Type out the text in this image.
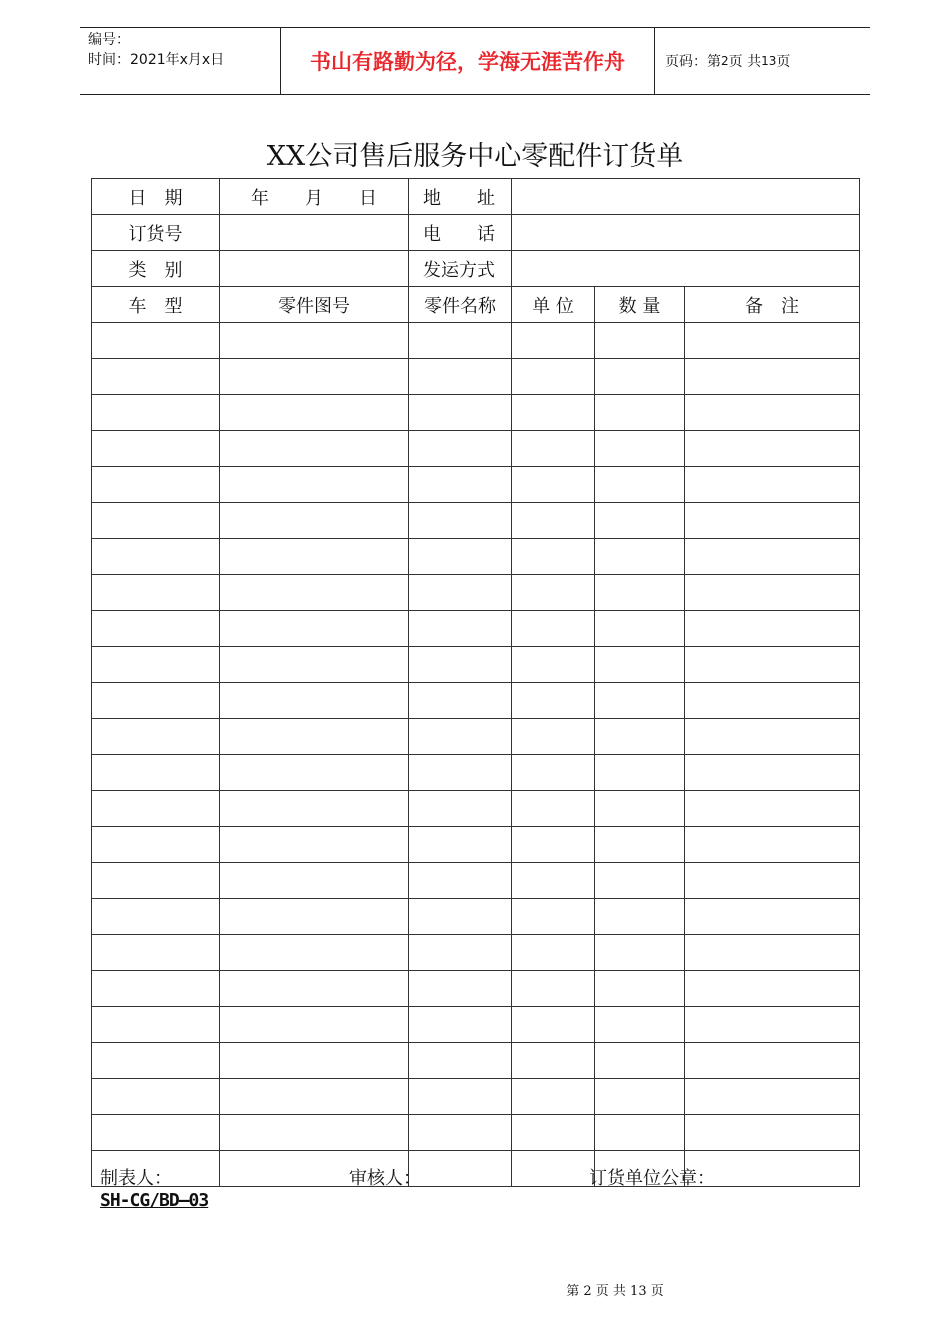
编号：
时间：2021年x月x日	书山有路勤为径，学海无涯苦作舟	页码：第 2 页 共 13 页
XX公司售后服务中心零配件订货单
日　期	年　　月　　日	地　　址			
订货号		电　　话			
类　别		发运方式			
车　型	零件图号	零件名称	单 位	数 量	备　注

制表人：	审核人：	订货单位公章：
SH-CG/BD—03
第 2 页 共 13 页
